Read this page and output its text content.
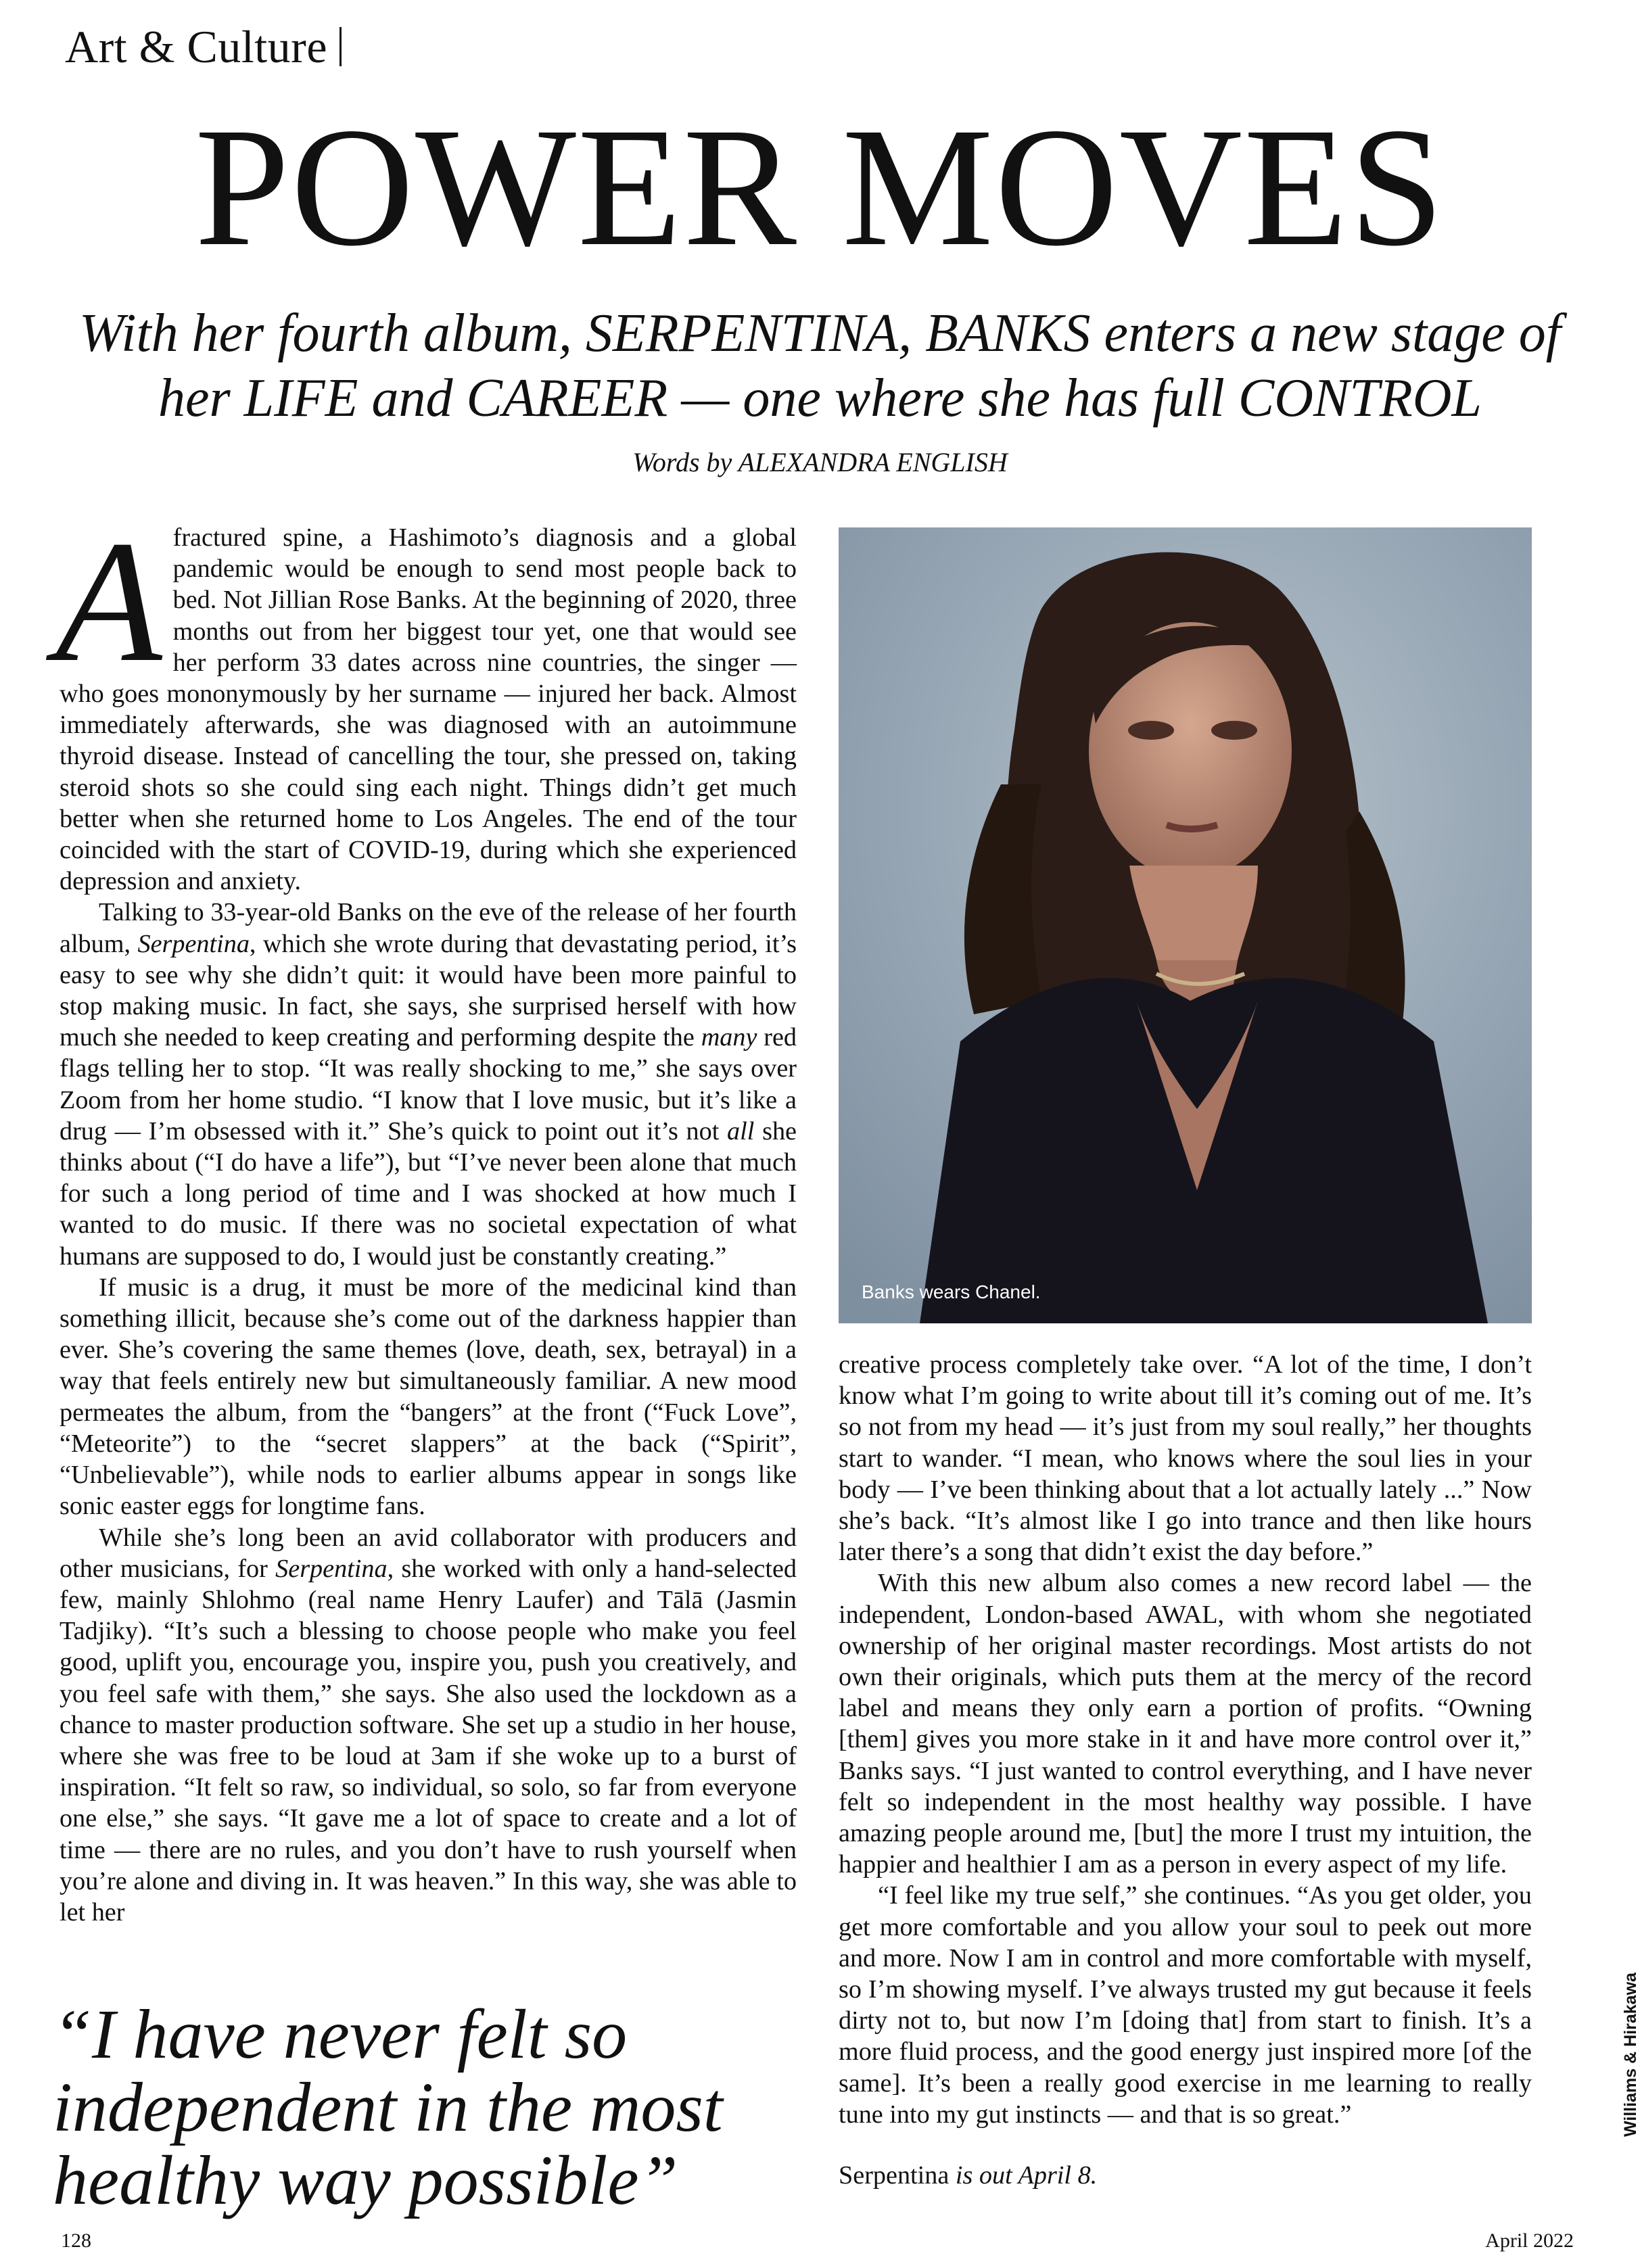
Art & Culture
POWER MOVES

With her fourth album, SERPENTINA, BANKS enters a new stage of
her LIFE and CAREER — one where she has full CONTROL

Words by ALEXANDRA ENGLISH

Afractured spine, a Hashimoto’s diagnosis and a global pandemic would be enough to send most people back to bed. Not Jillian Rose Banks. At the beginning of 2020, three months out from her biggest tour yet, one that would see her perform 33 dates across nine countries, the singer — who goes mononymously by her surname — injured her back. Almost immediately afterwards, she was diagnosed with an autoimmune thyroid disease. Instead of cancelling the tour, she pressed on, taking steroid shots so she could sing each night. Things didn’t get much better when she returned home to Los Angeles. The end of the tour coincided with the start of COVID-19, during which she experienced depression and anxiety.

Talking to 33-year-old Banks on the eve of the release of her fourth album, Serpentina, which she wrote during that devastating period, it’s easy to see why she didn’t quit: it would have been more painful to stop making music. In fact, she says, she surprised herself with how much she needed to keep creating and performing despite the many red flags telling her to stop. “It was really shocking to me,” she says over Zoom from her home studio. “I know that I love music, but it’s like a drug — I’m obsessed with it.” She’s quick to point out it’s not all she thinks about (“I do have a life”), but “I’ve never been alone that much for such a long period of time and I was shocked at how much I wanted to do music. If there was no societal expectation of what humans are supposed to do, I would just be constantly creating.”

If music is a drug, it must be more of the medicinal kind than something illicit, because she’s come out of the darkness happier than ever. She’s covering the same themes (love, death, sex, betrayal) in a way that feels entirely new but simultaneously familiar. A new mood permeates the album, from the “bangers” at the front (“Fuck Love”, “Meteorite”) to the “secret slappers” at the back (“Spirit”, “Unbelievable”), while nods to earlier albums appear in songs like sonic easter eggs for longtime fans.

While she’s long been an avid collaborator with producers and other musicians, for Serpentina, she worked with only a hand-selected few, mainly Shlohmo (real name Henry Laufer) and Tālā (Jasmin Tadjiky). “It’s such a blessing to choose people who make you feel good, uplift you, encourage you, inspire you, push you creatively, and you feel safe with them,” she says. She also used the lockdown as a chance to master production software. She set up a studio in her house, where she was free to be loud at 3am if she woke up to a burst of inspiration. “It felt so raw, so individual, so solo, so far from everyone one else,” she says. “It gave me a lot of space to create and a lot of time — there are no rules, and you don’t have to rush yourself when you’re alone and diving in. It was heaven.” In this way, she was able to let her

Banks wears Chanel.

creative process completely take over. “A lot of the time, I don’t know what I’m going to write about till it’s coming out of me. It’s so not from my head — it’s just from my soul really,” her thoughts start to wander. “I mean, who knows where the soul lies in your body — I’ve been thinking about that a lot actually lately ...” Now she’s back. “It’s almost like I go into trance and then like hours later there’s a song that didn’t exist the day before.”

With this new album also comes a new record label — the independent, London-based AWAL, with whom she negotiated ownership of her original master recordings. Most artists do not own their originals, which puts them at the mercy of the record label and means they only earn a portion of profits. “Owning [them] gives you more stake in it and have more control over it,” Banks says. “I just wanted to control everything, and I have never felt so independent in the most healthy way possible. I have amazing people around me, [but] the more I trust my intuition, the happier and healthier I am as a person in every aspect of my life.

“I feel like my true self,” she continues. “As you get older, you get more comfortable and you allow your soul to peek out more and more. Now I am in control and more comfortable with myself, so I’m showing myself. I’ve always trusted my gut because it feels dirty not to, but now I’m [doing that] from start to finish. It’s a more fluid process, and the good energy just inspired more [of the same]. It’s been a really good exercise in me learning to really tune into my gut instincts — and that is so great.”

Serpentina is out April 8.

“I have never felt so independent in the most healthy way possible”

Williams & Hirakawa
128	April 2022
